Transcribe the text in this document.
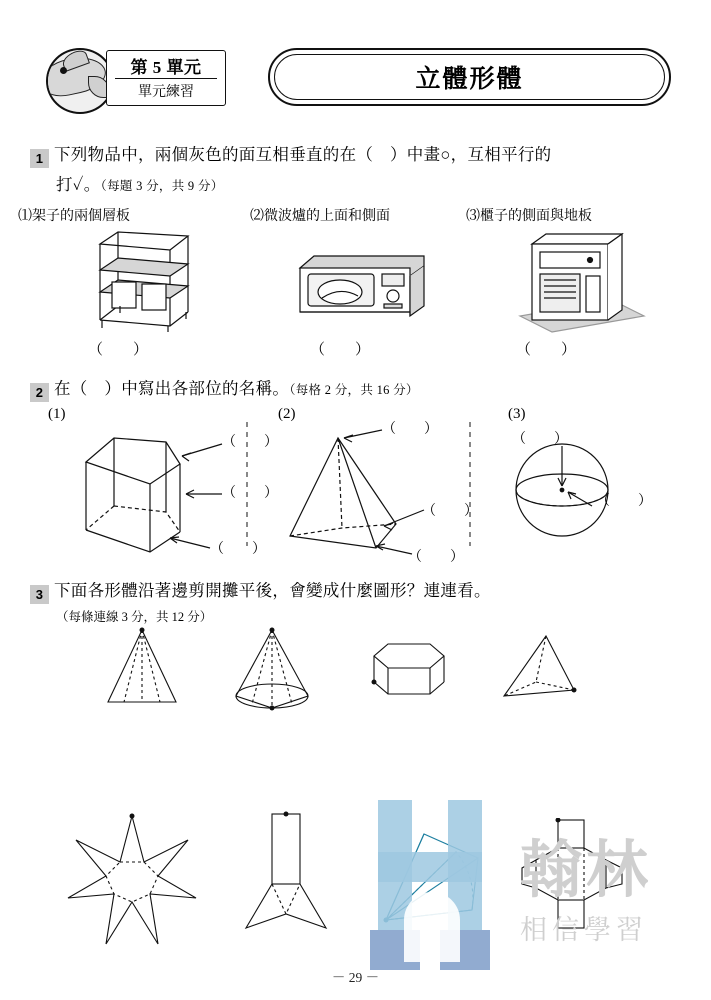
第 5 單元
單元練習	立體形體
1 下列物品中，兩個灰色的面互相垂直的在（　）中畫○，互相平行的
打✓。（每題 3 分，共 9 分）
⑴架子的兩個層板	⑵微波爐的上面和側面	⑶櫃子的側面與地板
（　　）	（　　）	（　　）
2 在（　）中寫出各部位的名稱。（每格 2 分，共 16 分）
(1)	(2)	(3)
（　　）
（　　）
（　　）
（　　）
（　　）
（　　）
（　　）
（　　）
3 下面各形體沿著邊剪開攤平後，會變成什麼圖形？連連看。
（每條連線 3 分，共 12 分）
翰林
相信學習
－ 29 －
